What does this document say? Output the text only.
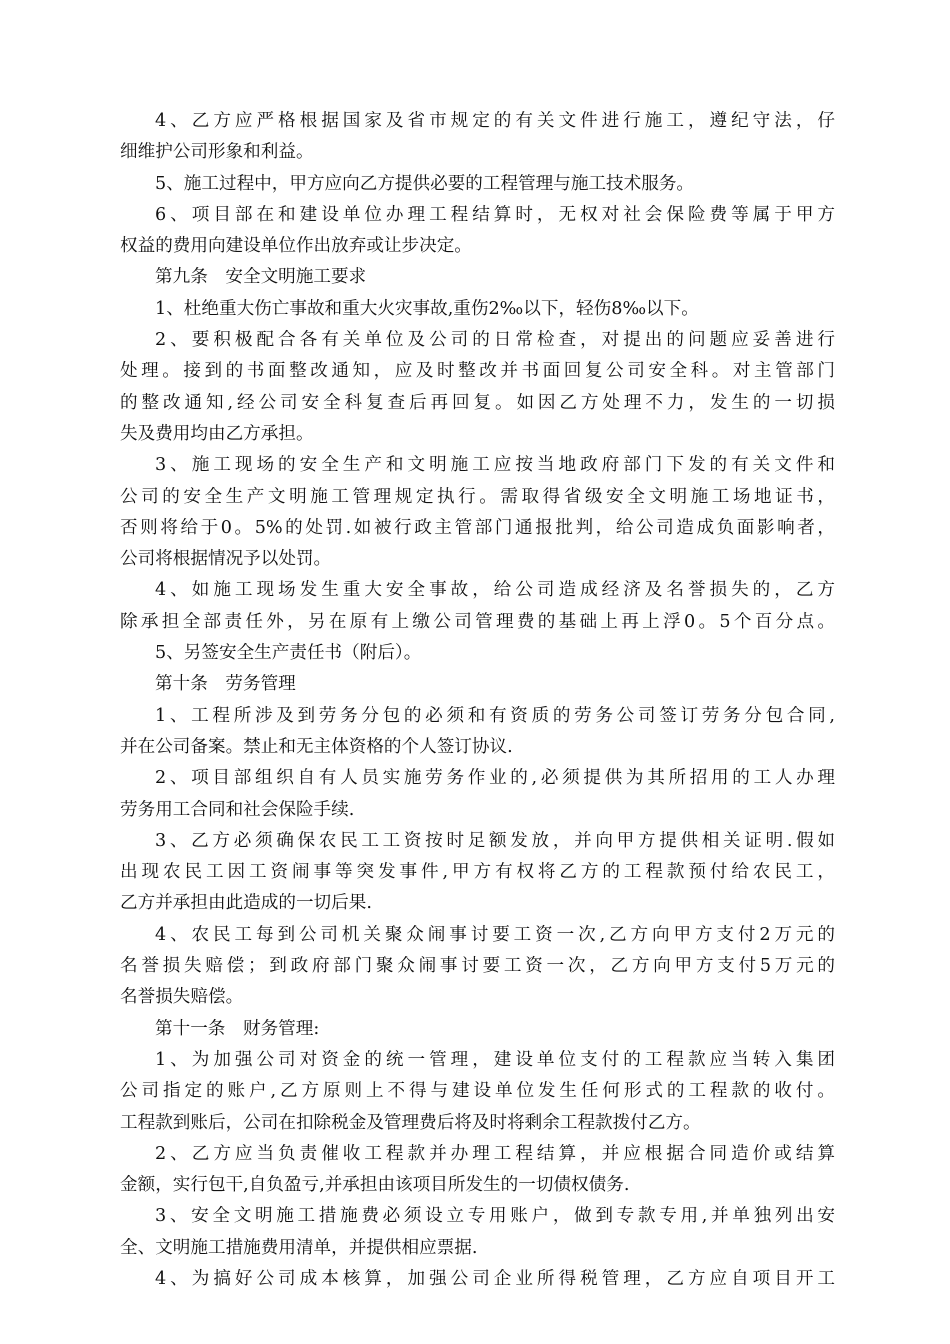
4、乙方应严格根据国家及省市规定的有关文件进行施工，遵纪守法，仔
细维护公司形象和利益。
5、施工过程中，甲方应向乙方提供必要的工程管理与施工技术服务。
6、项目部在和建设单位办理工程结算时，无权对社会保险费等属于甲方
权益的费用向建设单位作出放弃或让步决定。
第九条　安全文明施工要求
1、杜绝重大伤亡事故和重大火灾事故,重伤2‰以下，轻伤8‰以下。
2、要积极配合各有关单位及公司的日常检查，对提出的问题应妥善进行
处理。接到的书面整改通知，应及时整改并书面回复公司安全科。对主管部门
的整改通知,经公司安全科复查后再回复。如因乙方处理不力，发生的一切损
失及费用均由乙方承担。
3、施工现场的安全生产和文明施工应按当地政府部门下发的有关文件和
公司的安全生产文明施工管理规定执行。需取得省级安全文明施工场地证书，
否则将给于0。5%的处罚.如被行政主管部门通报批判，给公司造成负面影响者，
公司将根据情况予以处罚。
4、如施工现场发生重大安全事故，给公司造成经济及名誉损失的，乙方
除承担全部责任外，另在原有上缴公司管理费的基础上再上浮0。5个百分点。
5、另签安全生产责任书（附后）。
第十条　劳务管理
1、工程所涉及到劳务分包的必须和有资质的劳务公司签订劳务分包合同,
并在公司备案。禁止和无主体资格的个人签订协议.
2、项目部组织自有人员实施劳务作业的,必须提供为其所招用的工人办理
劳务用工合同和社会保险手续.
3、乙方必须确保农民工工资按时足额发放，并向甲方提供相关证明.假如
出现农民工因工资闹事等突发事件,甲方有权将乙方的工程款预付给农民工，
乙方并承担由此造成的一切后果.
4、农民工每到公司机关聚众闹事讨要工资一次,乙方向甲方支付2万元的
名誉损失赔偿；到政府部门聚众闹事讨要工资一次，乙方向甲方支付5万元的
名誉损失赔偿。
第十一条　财务管理:
1、为加强公司对资金的统一管理，建设单位支付的工程款应当转入集团
公司指定的账户,乙方原则上不得与建设单位发生任何形式的工程款的收付。
工程款到账后，公司在扣除税金及管理费后将及时将剩余工程款拨付乙方。
2、乙方应当负责催收工程款并办理工程结算，并应根据合同造价或结算
金额，实行包干,自负盈亏,并承担由该项目所发生的一切债权债务.
3、安全文明施工措施费必须设立专用账户，做到专款专用,并单独列出安
全、文明施工措施费用清单，并提供相应票据.
4、为搞好公司成本核算，加强公司企业所得税管理，乙方应自项目开工
